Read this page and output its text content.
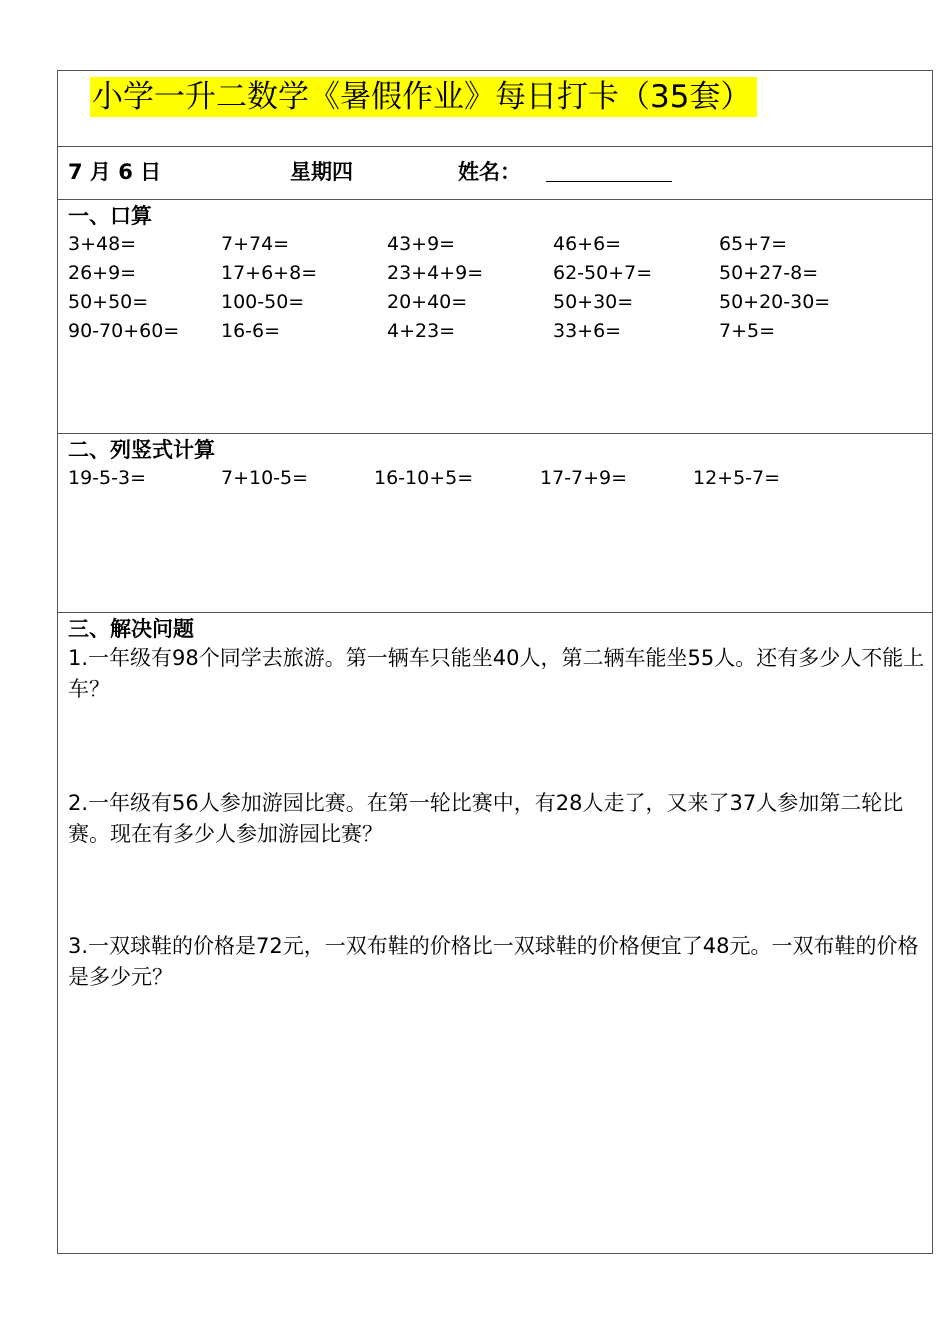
小学一升二数学《暑假作业》每日打卡（35套）
7 月 6 日	星期四	姓名：
一、口算
3+48=	7+74=	43+9=	46+6=	65+7=
26+9=	17+6+8=	23+4+9=	62-50+7=	50+27-8=
50+50=	100-50=	20+40=	50+30=	50+20-30=
90-70+60= 16-6=	4+23=	33+6=	7+5=
二、列竖式计算
19-5-3=	7+10-5=	16-10+5=	17-7+9=	12+5-7=
三、解决问题
1.一年级有98个同学去旅游。第一辆车只能坐40人，第二辆车能坐55人。还有多少人不能上车？
2.一年级有56人参加游园比赛。在第一轮比赛中，有28人走了，又来了37人参加第二轮比赛。现在有多少人参加游园比赛？
3.一双球鞋的价格是72元，一双布鞋的价格比一双球鞋的价格便宜了48元。一双布鞋的价格是多少元？
